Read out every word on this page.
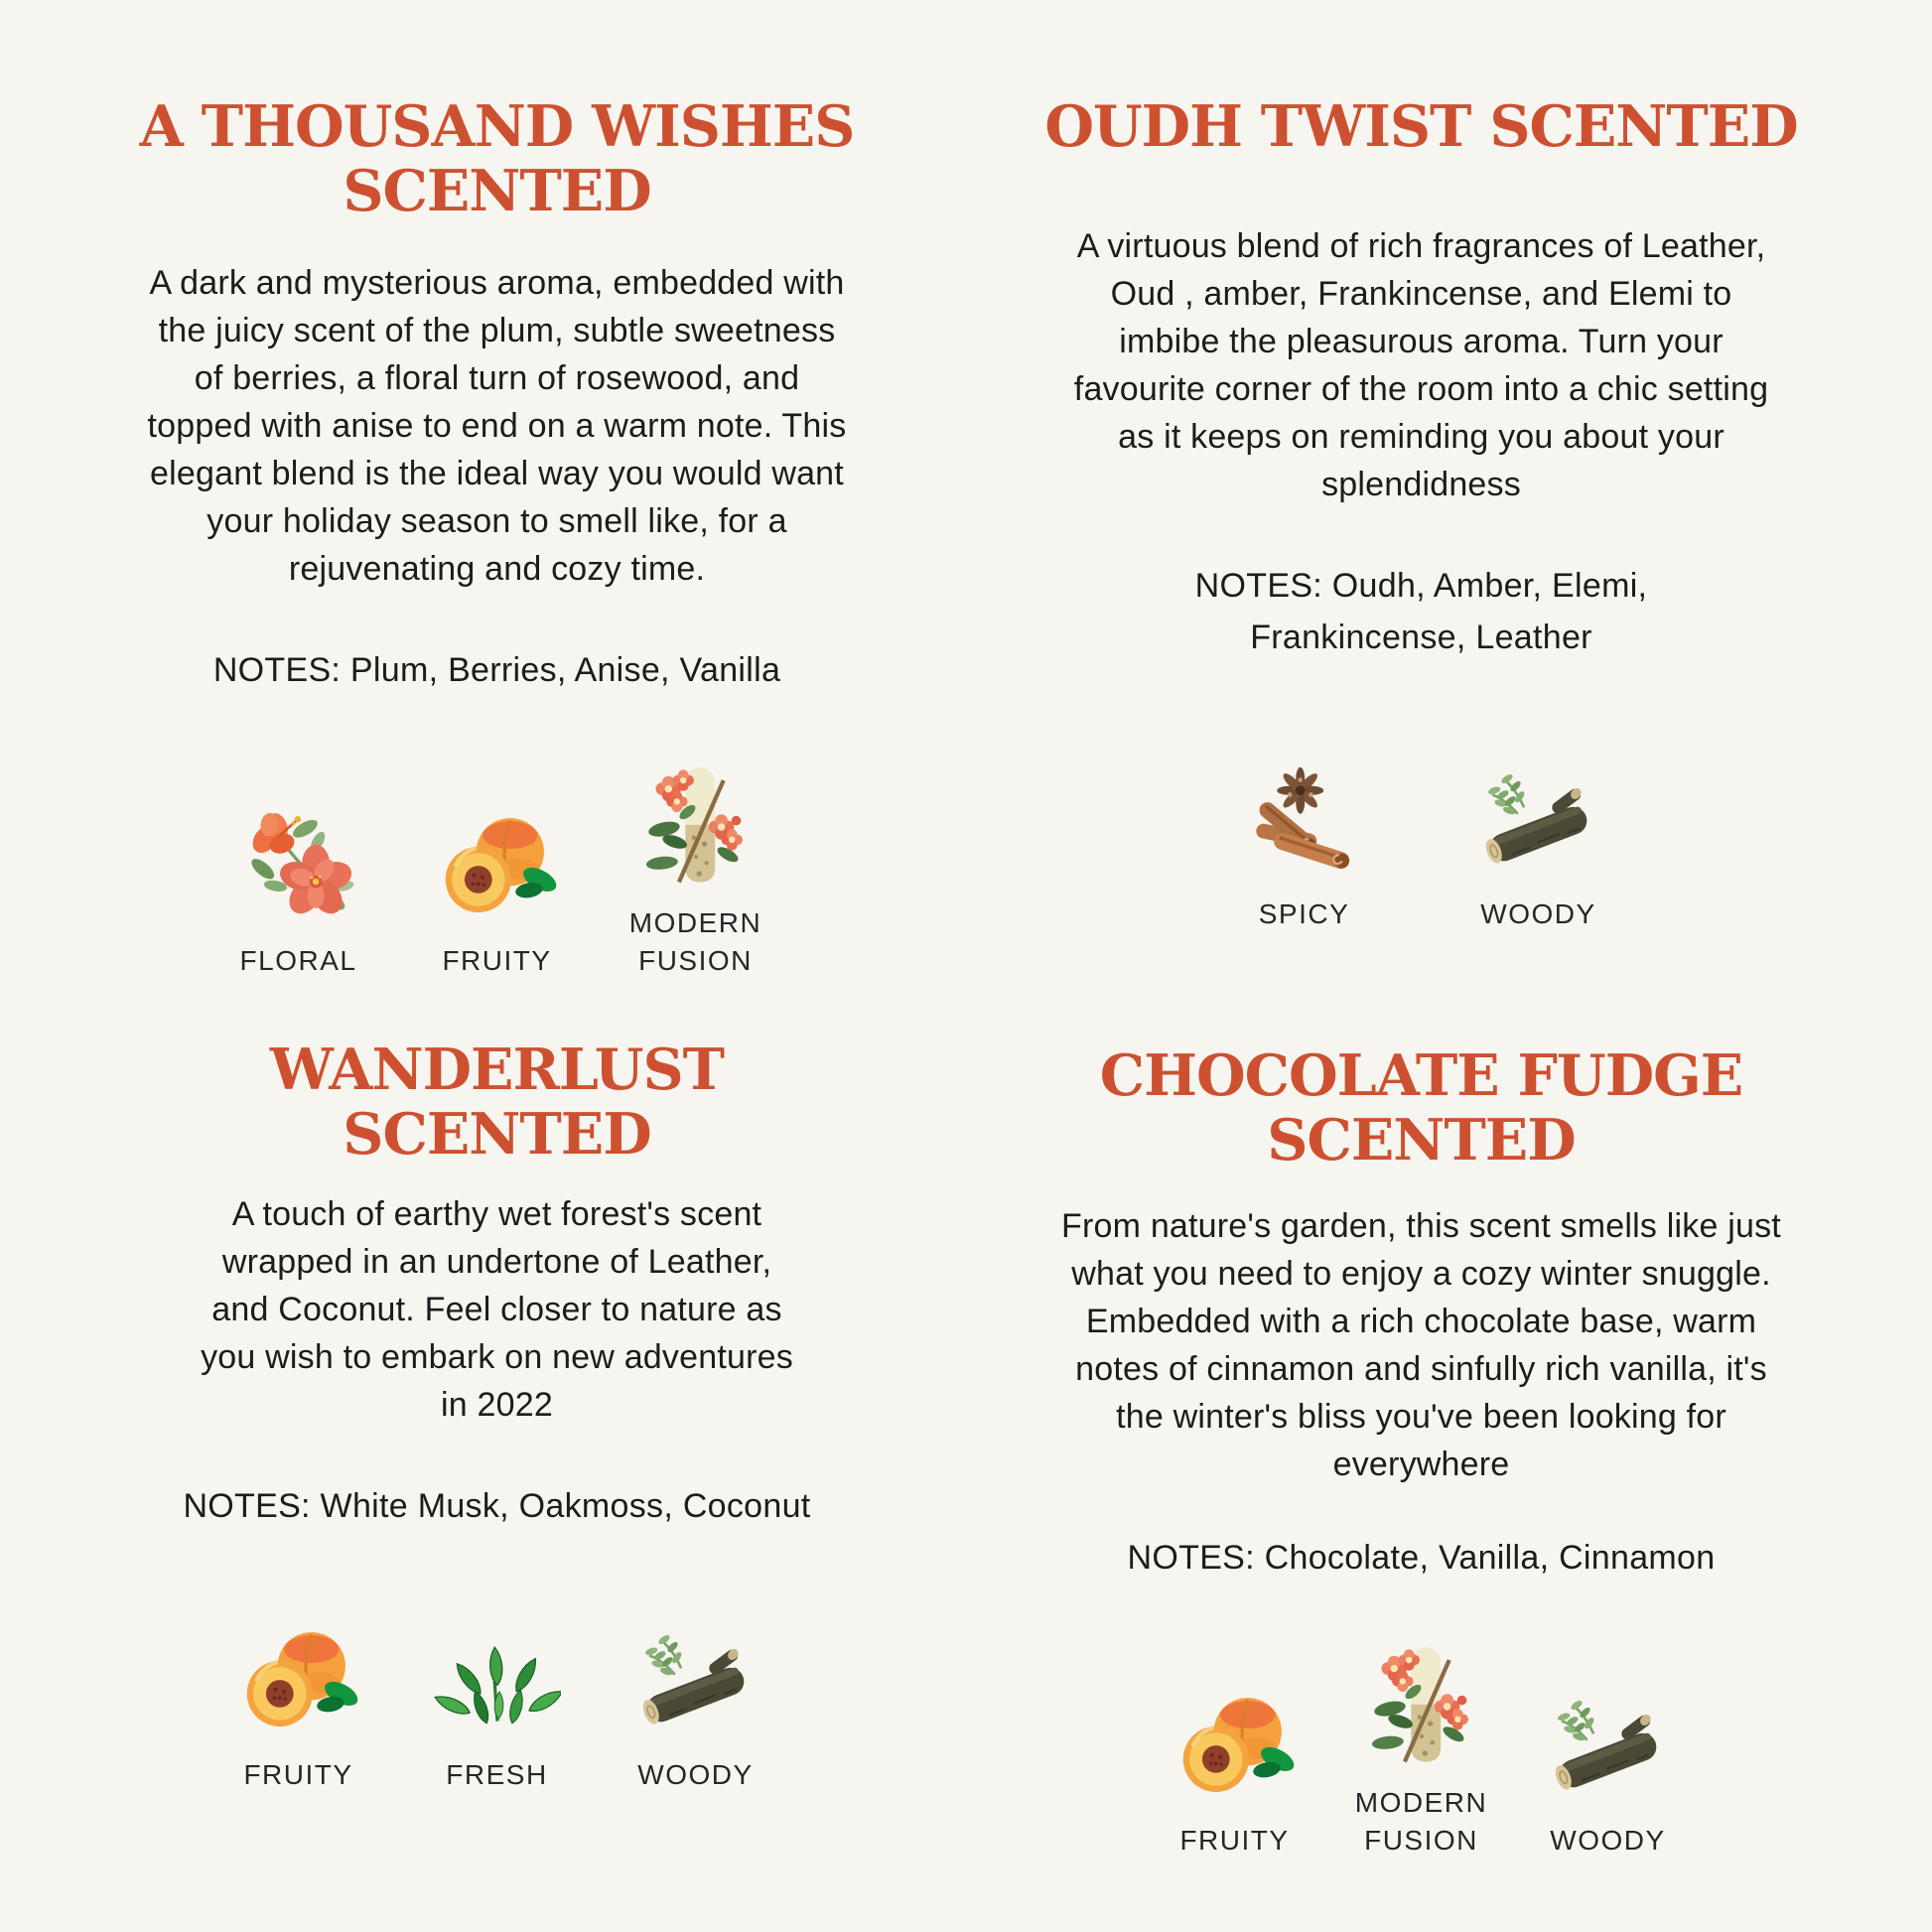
A THOUSAND WISHES
SCENTED

A dark and mysterious aroma, embedded with the juicy scent of the plum, subtle sweetness of berries, a floral turn of rosewood, and topped with anise to end on a warm note. This elegant blend is the ideal way you would want your holiday season to smell like, for a rejuvenating and cozy time.

NOTES: Plum, Berries, Anise, Vanilla
FLORAL	FRUITY
MODERN FUSION
OUDH TWIST SCENTED

A virtuous blend of rich fragrances of Leather, Oud , amber, Frankincense, and Elemi to imbibe the pleasurous aroma. Turn your favourite corner of the room into a chic setting as it keeps on reminding you about your splendidness

NOTES: Oudh, Amber, Elemi,
Frankincense, Leather
SPICY	WOODY
WANDERLUST
SCENTED

A touch of earthy wet forest's scent wrapped in an undertone of Leather, and Coconut. Feel closer to nature as you wish to embark on new adventures in 2022

NOTES: White Musk, Oakmoss, Coconut
FRUITY	FRESH	WOODY
CHOCOLATE FUDGE
SCENTED

From nature's garden, this scent smells like just what you need to enjoy a cozy winter snuggle. Embedded with a rich chocolate base, warm notes of cinnamon and sinfully rich vanilla, it's the winter's bliss you've been looking for everywhere

NOTES: Chocolate, Vanilla, Cinnamon
FRUITY
MODERN FUSION	WOODY
